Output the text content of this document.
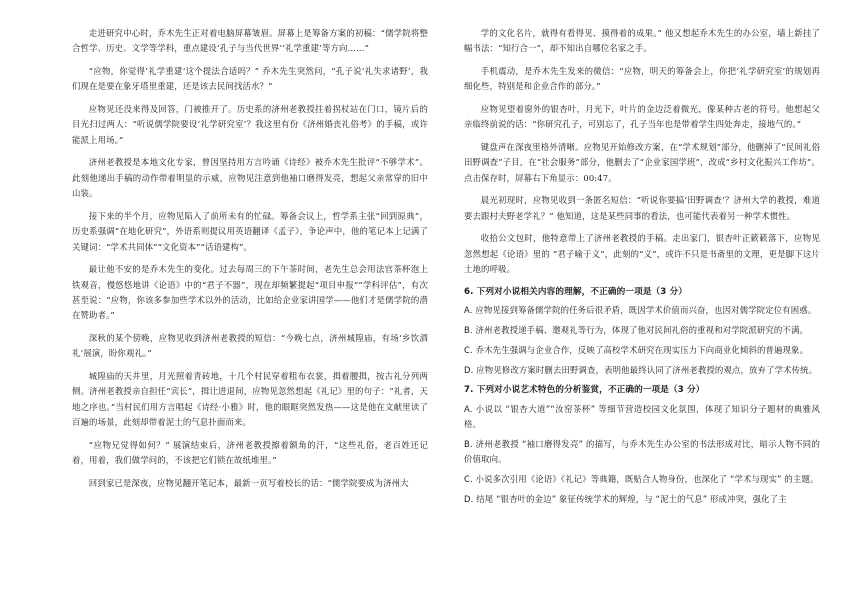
走进研究中心时，乔木先生正对着电脑屏幕皱眉。屏幕上是筹备方案的初稿：“儒学院将整合哲学、历史、文学等学科，重点建设‘孔子与当代世界’‘礼学重建’等方向……”

“应物，你觉得‘礼学重建’这个提法合适吗？” 乔木先生突然问，“孔子说‘礼失求诸野’，我们现在是要在象牙塔里重建，还是该去民间找活水？”

应物见还没来得及回答，门被推开了。历史系的济州老教授拄着拐杖站在门口，镜片后的目光扫过两人：“听说儒学院要设‘礼学研究室’？我这里有份《济州婚丧礼俗考》的手稿，或许能派上用场。”

济州老教授是本地文化专家，曾因坚持用方言吟诵《诗经》被乔木先生批评“不够学术”。此刻他递出手稿的动作带着明显的示威，应物见注意到他袖口磨得发亮，想起父亲常穿的旧中山装。

接下来的半个月，应物见陷入了前所未有的忙碌。筹备会议上，哲学系主张“回到原典”，历史系强调“在地化研究”，外语系则提议用英语翻译《孟子》，争论声中，他的笔记本上记满了关键词：“学术共同体”“文化资本”“话语建构”。

最让他不安的是乔木先生的变化。过去每周三的下午茶时间，老先生总会用法官茶杯泡上铁观音，慢悠悠地讲《论语》中的“君子不器”，现在却频繁提起“项目申报”“学科评估”，有次甚至说：“应物，你该多参加些学术以外的活动，比如给企业家讲国学——他们才是儒学院的潜在赞助者。”

深秋的某个傍晚，应物见收到济州老教授的短信：“今晚七点，济州城隍庙，有场‘乡饮酒礼’展演，盼你观礼。”

城隍庙的天井里，月光照着青砖地，十几个村民穿着粗布衣裳，揖着腰揖，按古礼分列两侧。济州老教授亲自担任“宾长”，揖让进退间，应物见忽然想起《礼记》里的句子：“礼者，天地之序也。”当村民们用方言唱起《诗经·小雅》时，他的眼眶突然发热——这是他在文献里读了百遍的场景，此刻却带着泥土的气息扑面而来。

“应物兄觉得如何？” 展演结束后，济州老教授擦着额角的汗，“这些礼俗，老百姓还记着，用着，我们做学问的，不该把它们锁在故纸堆里。”

回到家已是深夜，应物见翻开笔记本，最新一页写着校长的话：“儒学院要成为济州大

学的文化名片，就得有看得见、摸得着的成果。” 他又想起乔木先生的办公室，墙上新挂了幅书法：“知行合一”，却不知出自哪位名家之手。

手机震动，是乔木先生发来的微信：“应物，明天的筹备会上，你把‘礼学研究室’的规划再细化些，特别是和企业合作的部分。”

应物见望着窗外的银杏叶，月光下，叶片的金边泛着微光，像某种古老的符号。他想起父亲临终前说的话：“你研究孔子，可别忘了，孔子当年也是带着学生四处奔走，接地气的。”

键盘声在深夜里格外清晰。应物见开始修改方案，在“学术规划”部分，他删掉了“民间礼俗田野调查”子目，在“社会服务”部分，他删去了“企业家国学班”，改成“乡村文化振兴工作坊”。点击保存时，屏幕右下角显示：00:47。

晨光初现时，应物见收到一条匿名短信：“听说你要搞‘田野调查’？济州大学的教授，难道要去跟村夫野老学礼？” 他知道，这是某些同事的看法，也可能代表着另一种学术惯性。

收拾公文包时，他特意带上了济州老教授的手稿。走出家门，银杏叶正簌簌落下，应物见忽然想起《论语》里的 “君子喻于义”，此刻的“义”，或许不只是书斋里的文理，更是脚下这片土地的呼吸。

6. 下列对小说相关内容的理解，不正确的一项是（3 分）

A. 应物见接到筹备儒学院的任务后很矛盾，既因学术价值而兴奋，也因对儒学院定位有困惑。

B. 济州老教授递手稿、邀观礼等行为，体现了他对民间礼俗的重视和对学院派研究的不满。

C. 乔木先生强调与企业合作，反映了高校学术研究在现实压力下向商业化倾斜的普遍现象。

D. 应物见修改方案时删去田野调查，表明他最终认同了济州老教授的观点，放弃了学术传统。

7. 下列对小说艺术特色的分析鉴赏，不正确的一项是（3 分）

A. 小说以 “银杏大道”“汝窑茶杯” 等细节营造校园文化氛围，体现了知识分子题材的典雅风格。

B. 济州老教授 “袖口磨得发亮” 的描写，与乔木先生办公室的书法形成对比，暗示人物不同的价值取向。

C. 小说多次引用《论语》《礼记》等典籍，既贴合人物身份，也深化了 “学术与现实” 的主题。

D. 结尾 “银杏叶的金边” 象征传统学术的辉煌，与 “泥土的气息” 形成冲突，强化了主
